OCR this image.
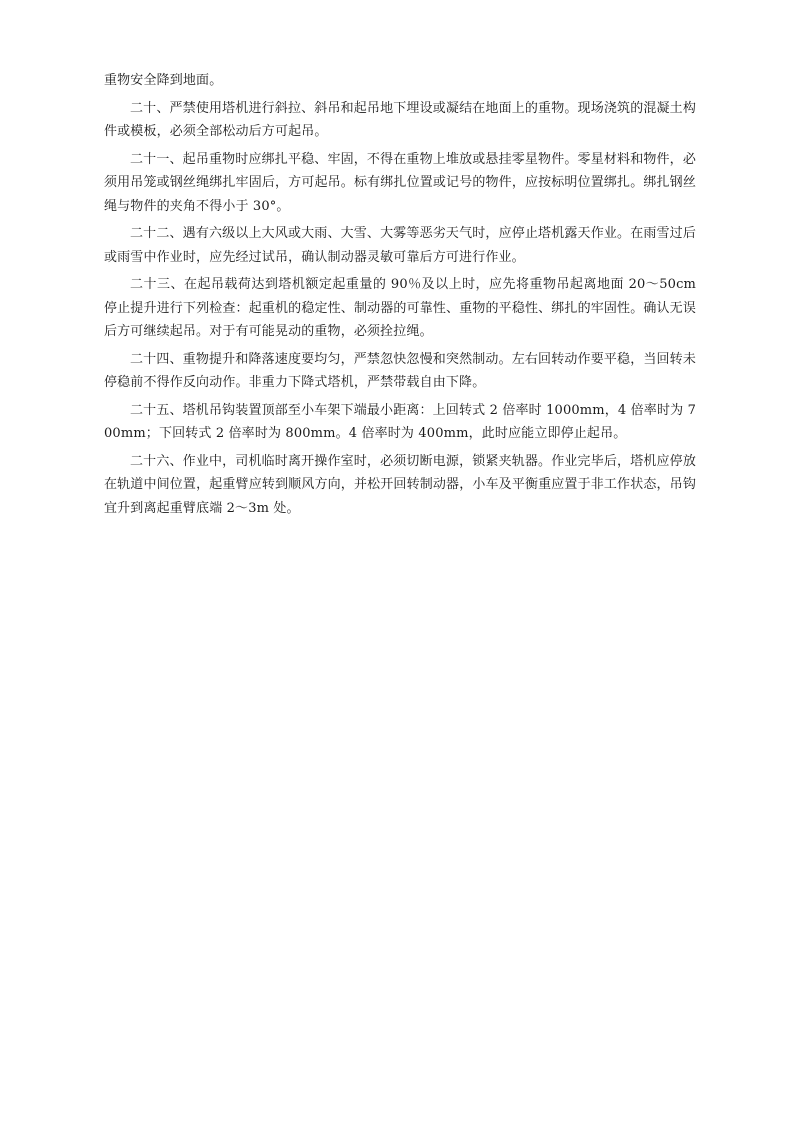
重物安全降到地面。

二十、严禁使用塔机进行斜拉、斜吊和起吊地下埋设或凝结在地面上的重物。现场浇筑的混凝土构件或模板，必须全部松动后方可起吊。

二十一、起吊重物时应绑扎平稳、牢固，不得在重物上堆放或悬挂零星物件。零星材料和物件，必须用吊笼或钢丝绳绑扎牢固后，方可起吊。标有绑扎位置或记号的物件，应按标明位置绑扎。绑扎钢丝绳与物件的夹角不得小于 30°。

二十二、遇有六级以上大风或大雨、大雪、大雾等恶劣天气时，应停止塔机露天作业。在雨雪过后或雨雪中作业时，应先经过试吊，确认制动器灵敏可靠后方可进行作业。

二十三、在起吊载荷达到塔机额定起重量的 90％及以上时，应先将重物吊起离地面 20～50cm 停止提升进行下列检查：起重机的稳定性、制动器的可靠性、重物的平稳性、绑扎的牢固性。确认无误后方可继续起吊。对于有可能晃动的重物，必须拴拉绳。

二十四、重物提升和降落速度要均匀，严禁忽快忽慢和突然制动。左右回转动作要平稳，当回转未停稳前不得作反向动作。非重力下降式塔机，严禁带载自由下降。

二十五、塔机吊钩装置顶部至小车架下端最小距离：上回转式 2 倍率时 1000mm，4 倍率时为 700mm；下回转式 2 倍率时为 800mm。4 倍率时为 400mm，此时应能立即停止起吊。

二十六、作业中，司机临时离开操作室时，必须切断电源，锁紧夹轨器。作业完毕后，塔机应停放在轨道中间位置，起重臂应转到顺风方向，并松开回转制动器，小车及平衡重应置于非工作状态，吊钩宜升到离起重臂底端 2～3m 处。
